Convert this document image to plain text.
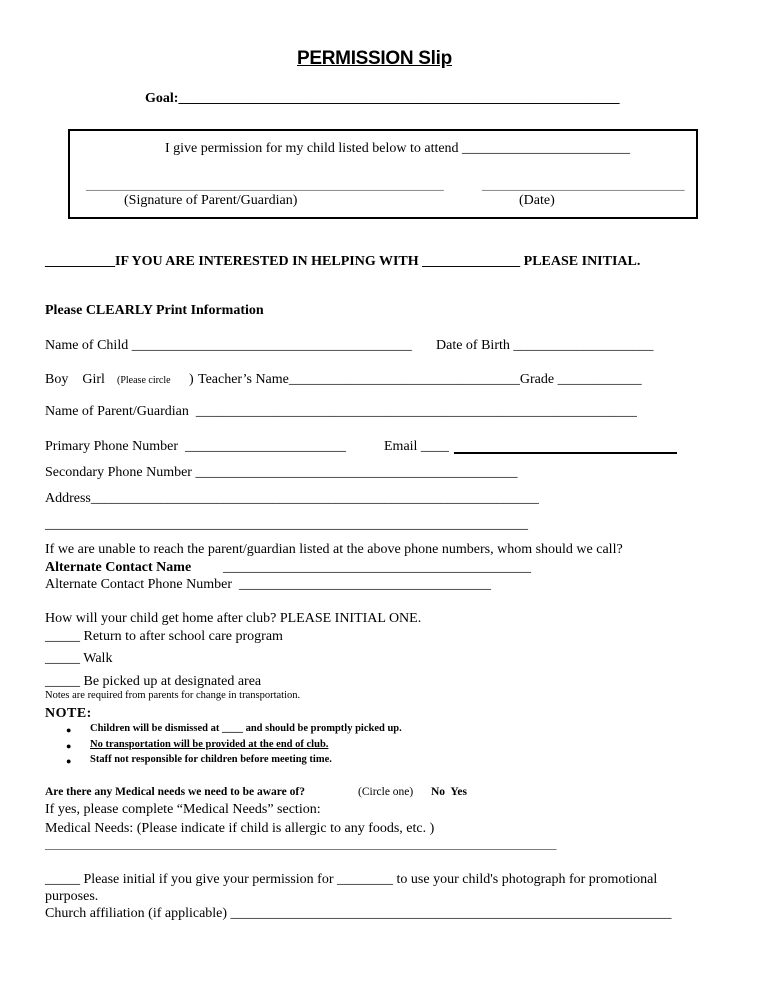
PERMISSION Slip
Goal:_______________________________________________________________
I give permission for my child listed below to attend ________________________
_____________________________________________________	______________________________
(Signature of Parent/Guardian)	(Date)
__________IF YOU ARE INTERESTED IN HELPING WITH ______________ PLEASE INITIAL.
Please CLEARLY Print Information
Name of Child ________________________________________ Date of Birth ____________________
Boy    Girl (Please circle ) Teacher’s Name_________________________________Grade ____________
Name of Parent/Guardian  _______________________________________________________________
Primary Phone Number  _______________________	Email ____
Secondary Phone Number ______________________________________________
Address________________________________________________________________
_____________________________________________________________________
If we are unable to reach the parent/guardian listed at the above phone numbers, whom should we call?
Alternate Contact Name ____________________________________________
Alternate Contact Phone Number  ____________________________________
How will your child get home after club? PLEASE INITIAL ONE.
_____ Return to after school care program
_____ Walk
_____ Be picked up at designated area
Notes are required from parents for change in transportation.
NOTE:
● Children will be dismissed at ____ and should be promptly picked up.
● No transportation will be provided at the end of club.
● Staff not responsible for children before meeting time.
Are there any Medical needs we need to be aware of?	(Circle one) No  Yes
If yes, please complete “Medical Needs” section:
Medical Needs: (Please indicate if child is allergic to any foods, etc. )
_____________________________________________________________________________________________
_____ Please initial if you give your permission for ________ to use your child's photograph for promotional
purposes.
Church affiliation (if applicable) _______________________________________________________________
